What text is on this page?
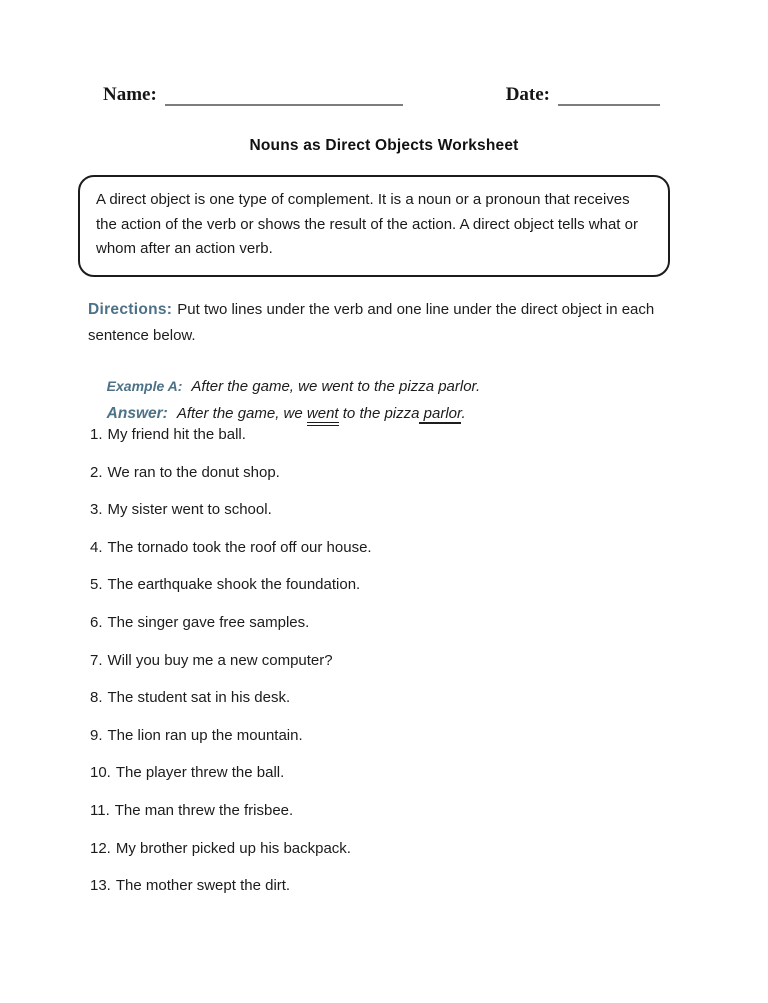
Name:	Date:
Nouns as Direct Objects Worksheet

A direct object is one type of complement. It is a noun or a pronoun that receives the action of the verb or shows the result of the action. A direct object tells what or whom after an action verb.

Directions: Put two lines under the verb and one line under the direct object in each sentence below.

Example A: After the game, we went to the pizza parlor.

Answer: After the game, we went to the pizza parlor.

1. My friend hit the ball.
2. We ran to the donut shop.
3. My sister went to school.
4. The tornado took the roof off our house.
5. The earthquake shook the foundation.
6. The singer gave free samples.
7. Will you buy me a new computer?
8. The student sat in his desk.
9. The lion ran up the mountain.
10. The player threw the ball.
11. The man threw the frisbee.
12. My brother picked up his backpack.
13. The mother swept the dirt.
